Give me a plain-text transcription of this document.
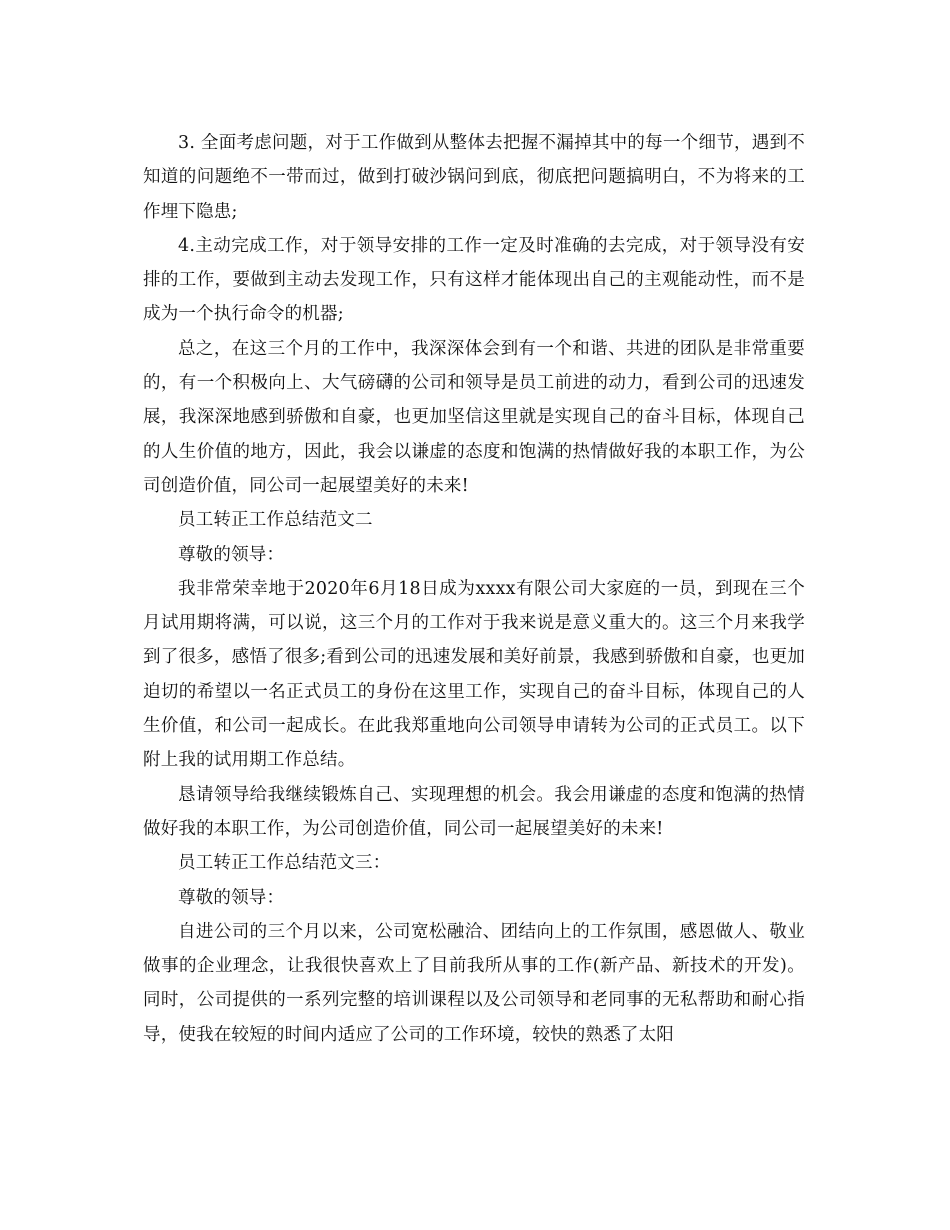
3. 全面考虑问题，对于工作做到从整体去把握不漏掉其中的每一个细节，遇到不知道的问题绝不一带而过，做到打破沙锅问到底，彻底把问题搞明白，不为将来的工作埋下隐患;

4.主动完成工作，对于领导安排的工作一定及时准确的去完成，对于领导没有安排的工作，要做到主动去发现工作，只有这样才能体现出自己的主观能动性，而不是成为一个执行命令的机器;

总之，在这三个月的工作中，我深深体会到有一个和谐、共进的团队是非常重要的，有一个积极向上、大气磅礴的公司和领导是员工前进的动力，看到公司的迅速发展，我深深地感到骄傲和自豪，也更加坚信这里就是实现自己的奋斗目标，体现自己的人生价值的地方，因此，我会以谦虚的态度和饱满的热情做好我的本职工作，为公司创造价值，同公司一起展望美好的未来!

员工转正工作总结范文二

尊敬的领导：

我非常荣幸地于2020年6月18日成为xxxx有限公司大家庭的一员，到现在三个月试用期将满，可以说，这三个月的工作对于我来说是意义重大的。这三个月来我学到了很多，感悟了很多;看到公司的迅速发展和美好前景，我感到骄傲和自豪，也更加迫切的希望以一名正式员工的身份在这里工作，实现自己的奋斗目标，体现自己的人生价值，和公司一起成长。在此我郑重地向公司领导申请转为公司的正式员工。以下附上我的试用期工作总结。

恳请领导给我继续锻炼自己、实现理想的机会。我会用谦虚的态度和饱满的热情做好我的本职工作，为公司创造价值，同公司一起展望美好的未来!

员工转正工作总结范文三：

尊敬的领导：

自进公司的三个月以来，公司宽松融洽、团结向上的工作氛围，感恩做人、敬业做事的企业理念，让我很快喜欢上了目前我所从事的工作(新产品、新技术的开发)。同时，公司提供的一系列完整的培训课程以及公司领导和老同事的无私帮助和耐心指导，使我在较短的时间内适应了公司的工作环境，较快的熟悉了太阳
